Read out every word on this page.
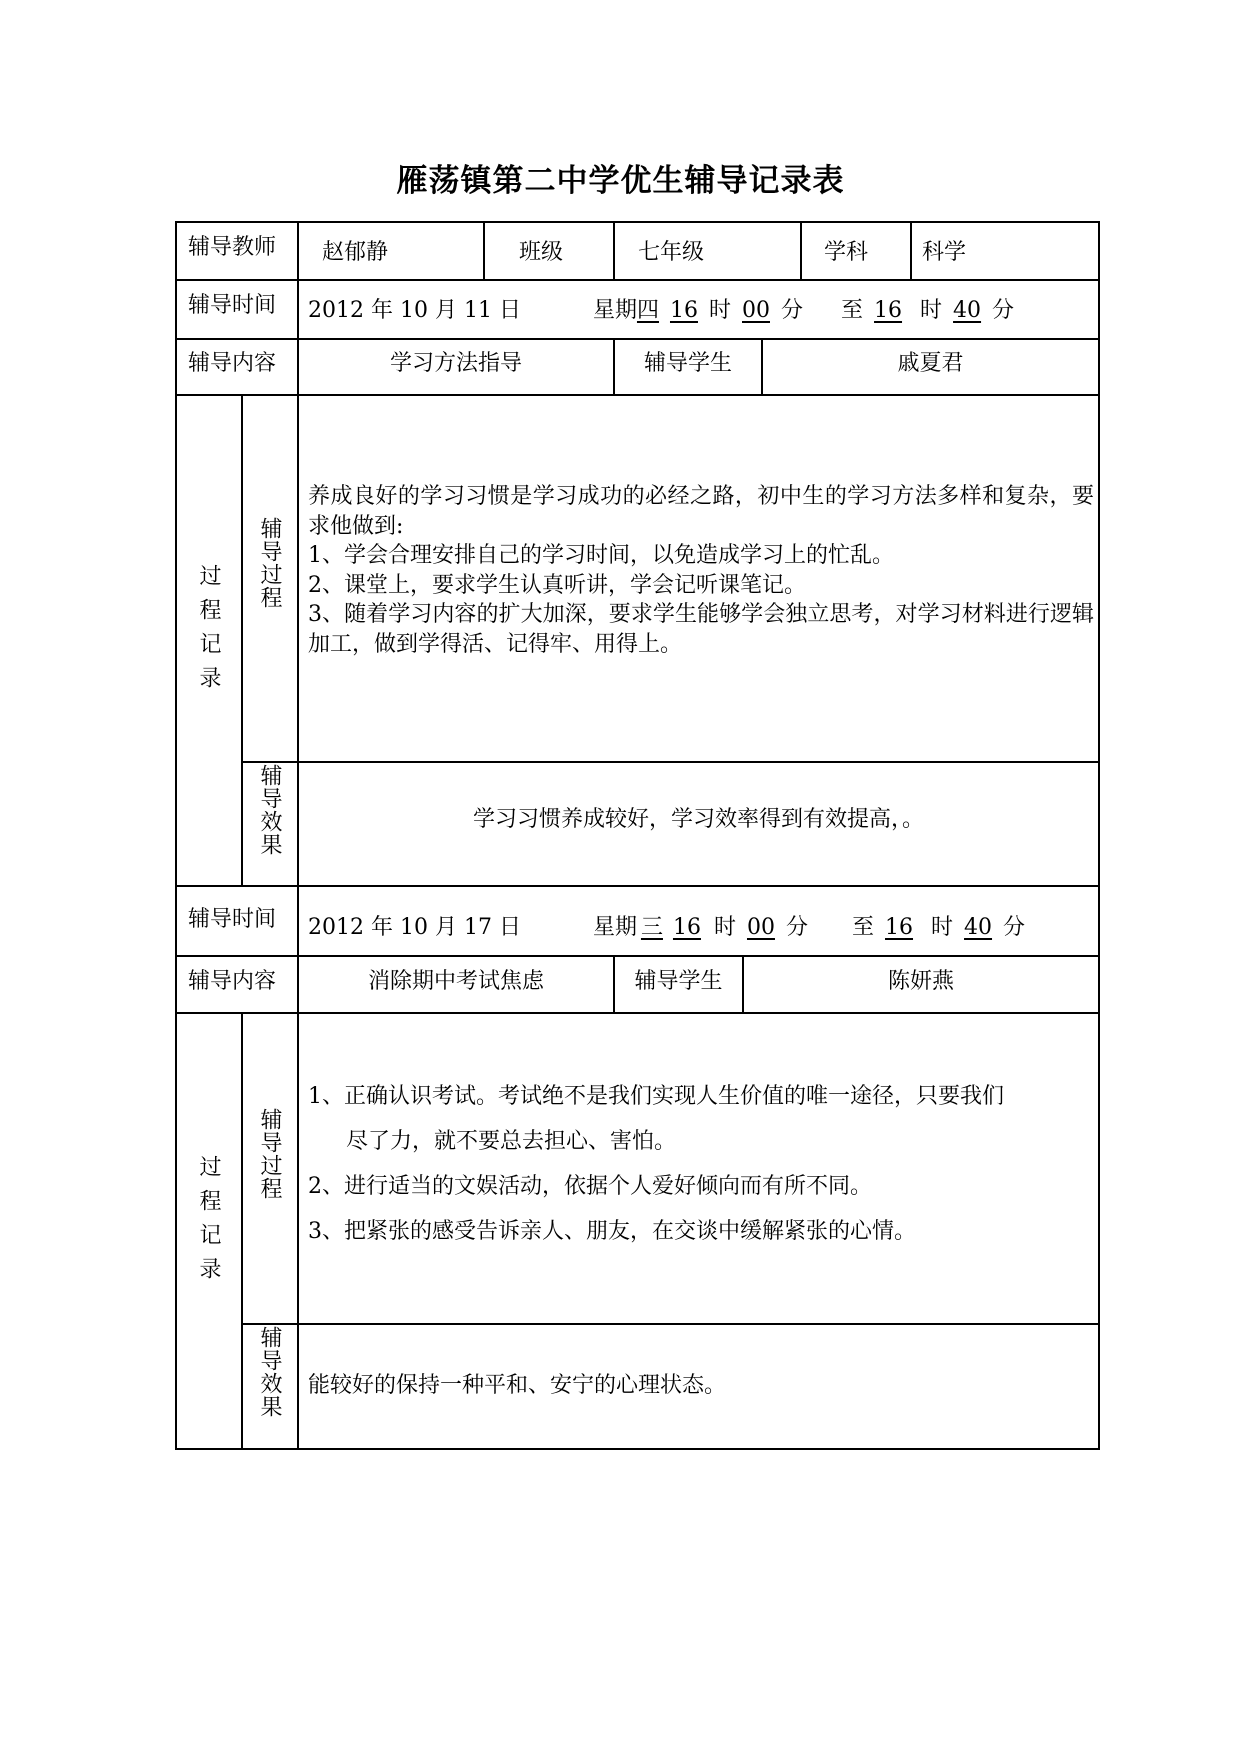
雁荡镇第二中学优生辅导记录表
辅导教师 赵郁静	班级	七年级	学科 科学
辅导时间 2012 年 10 月 11 日	星期四 16 时 00 分 至 16 时 40 分
辅导内容	学习方法指导	辅导学生	戚夏君
过程记录
辅导过程

养成良好的学习习惯是学习成功的必经之路，初中生的学习方法多样和复杂，要求他做到:

1、学会合理安排自己的学习时间，以免造成学习上的忙乱。

2、课堂上，要求学生认真听讲，学会记听课笔记。

3、随着学习内容的扩大加深，要求学生能够学会独立思考，对学习材料进行逻辑加工，做到学得活、记得牢、用得上。

辅导效果	学习习惯养成较好，学习效率得到有效提高，。
辅导时间 2012 年 10 月 17 日	星期 三 16 时 00 分 至 16 时 40 分
辅导内容	消除期中考试焦虑	辅导学生	陈妍燕
过程记录
辅导过程

1、正确认识考试。考试绝不是我们实现人生价值的唯一途径，只要我们

尽了力，就不要总去担心、害怕。

2、进行适当的文娱活动，依据个人爱好倾向而有所不同。

3、把紧张的感受告诉亲人、朋友，在交谈中缓解紧张的心情。

辅导效果 能较好的保持一种平和、安宁的心理状态。
